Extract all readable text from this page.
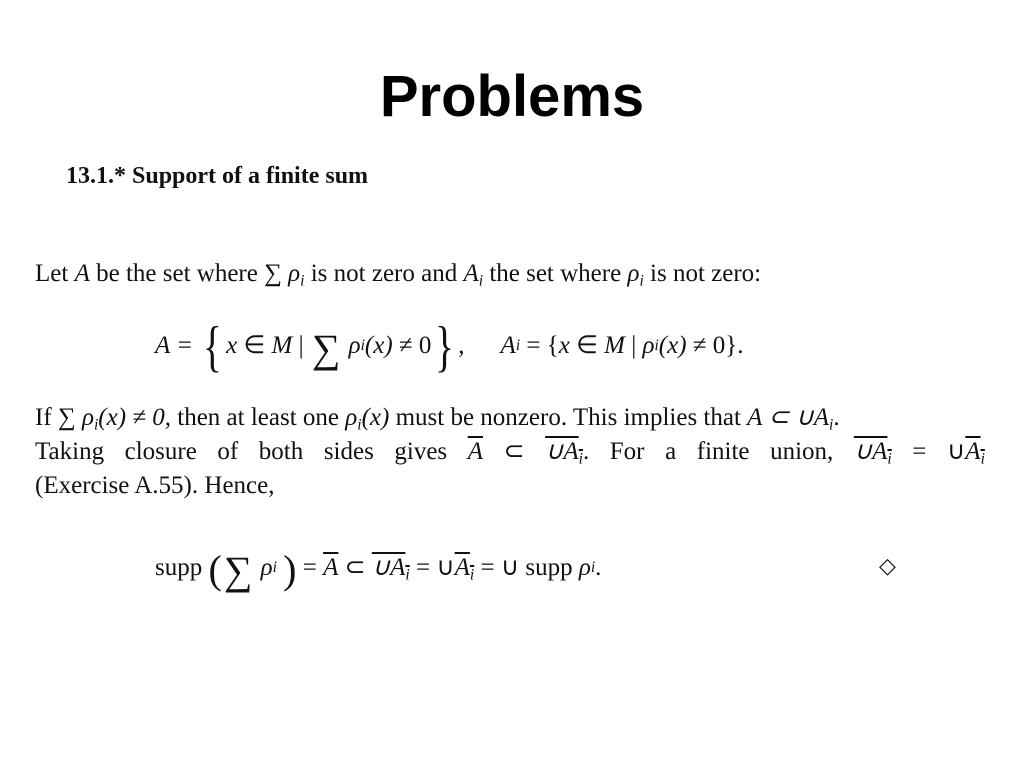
Problems
13.1.* Support of a finite sum
Let A be the set where ∑ $\rho_i$ is not zero and $A_i$ the set where $\rho_i$ is not zero:
A =
{ x
∈
M
|
∑
ρ i (x)
≠ 0 } , A i
=
{ x
∈
M
|
ρ i (x)
≠ 0 }.
If ∑ $\rho_i(x) \ne 0$, then at least one $\rho_i(x)$ must be nonzero. This implies that A ⊂ $\cup A_i$.
Taking closure of both sides gives $\overline{A}$ ⊂ $\cup A_i$. For a finite union, $\cup A_i$ = $\cup A_i$
(Exercise A.55). Hence,
supp
( ∑
ρ i
)
=
$\overline{A}$
⊂
$\cup A_i$
=
∪ $A_i$
=
∪ supp
ρ i .	◇
